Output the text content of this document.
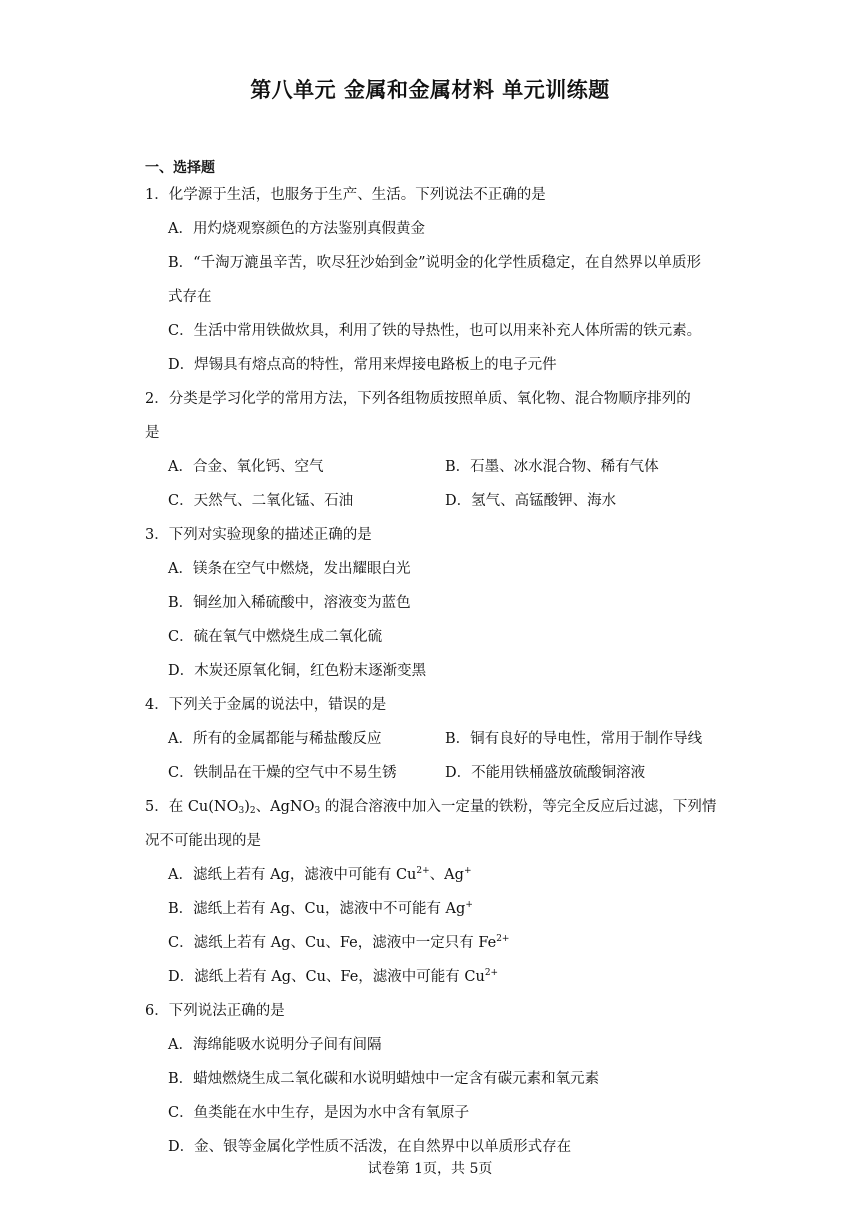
第八单元 金属和金属材料 单元训练题
一、选择题
1．化学源于生活，也服务于生产、生活。下列说法不正确的是
A．用灼烧观察颜色的方法鉴别真假黄金
B．“千淘万漉虽辛苦，吹尽狂沙始到金”说明金的化学性质稳定，在自然界以单质形
式存在
C．生活中常用铁做炊具，利用了铁的导热性，也可以用来补充人体所需的铁元素。
D．焊锡具有熔点高的特性，常用来焊接电路板上的电子元件
2．分类是学习化学的常用方法，下列各组物质按照单质、氧化物、混合物顺序排列的
是
A．合金、氧化钙、空气	B．石墨、冰水混合物、稀有气体
C．天然气、二氧化锰、石油	D．氢气、高锰酸钾、海水
3．下列对实验现象的描述正确的是
A．镁条在空气中燃烧，发出耀眼白光
B．铜丝加入稀硫酸中，溶液变为蓝色
C．硫在氧气中燃烧生成二氧化硫
D．木炭还原氧化铜，红色粉末逐渐变黑
4．下列关于金属的说法中，错误的是
A．所有的金属都能与稀盐酸反应	B．铜有良好的导电性，常用于制作导线
C．铁制品在干燥的空气中不易生锈	D．不能用铁桶盛放硫酸铜溶液
5．在 $Cu(NO_3)_2$、AgNO$_3$ 的混合溶液中加入一定量的铁粉，等完全反应后过滤，下列情
况不可能出现的是
A．滤纸上若有 Ag，滤液中可能有 $Cu^{2+}$、Ag+
B．滤纸上若有 Ag、Cu，滤液中不可能有 Ag+
C．滤纸上若有 Ag、Cu、Fe，滤液中一定只有 $Fe^{2+}$
D．滤纸上若有 Ag、Cu、Fe，滤液中可能有 $Cu^{2+}$
6．下列说法正确的是
A．海绵能吸水说明分子间有间隔
B．蜡烛燃烧生成二氧化碳和水说明蜡烛中一定含有碳元素和氧元素
C．鱼类能在水中生存，是因为水中含有氧原子
D．金、银等金属化学性质不活泼，在自然界中以单质形式存在
试卷第 1页，共 5页
